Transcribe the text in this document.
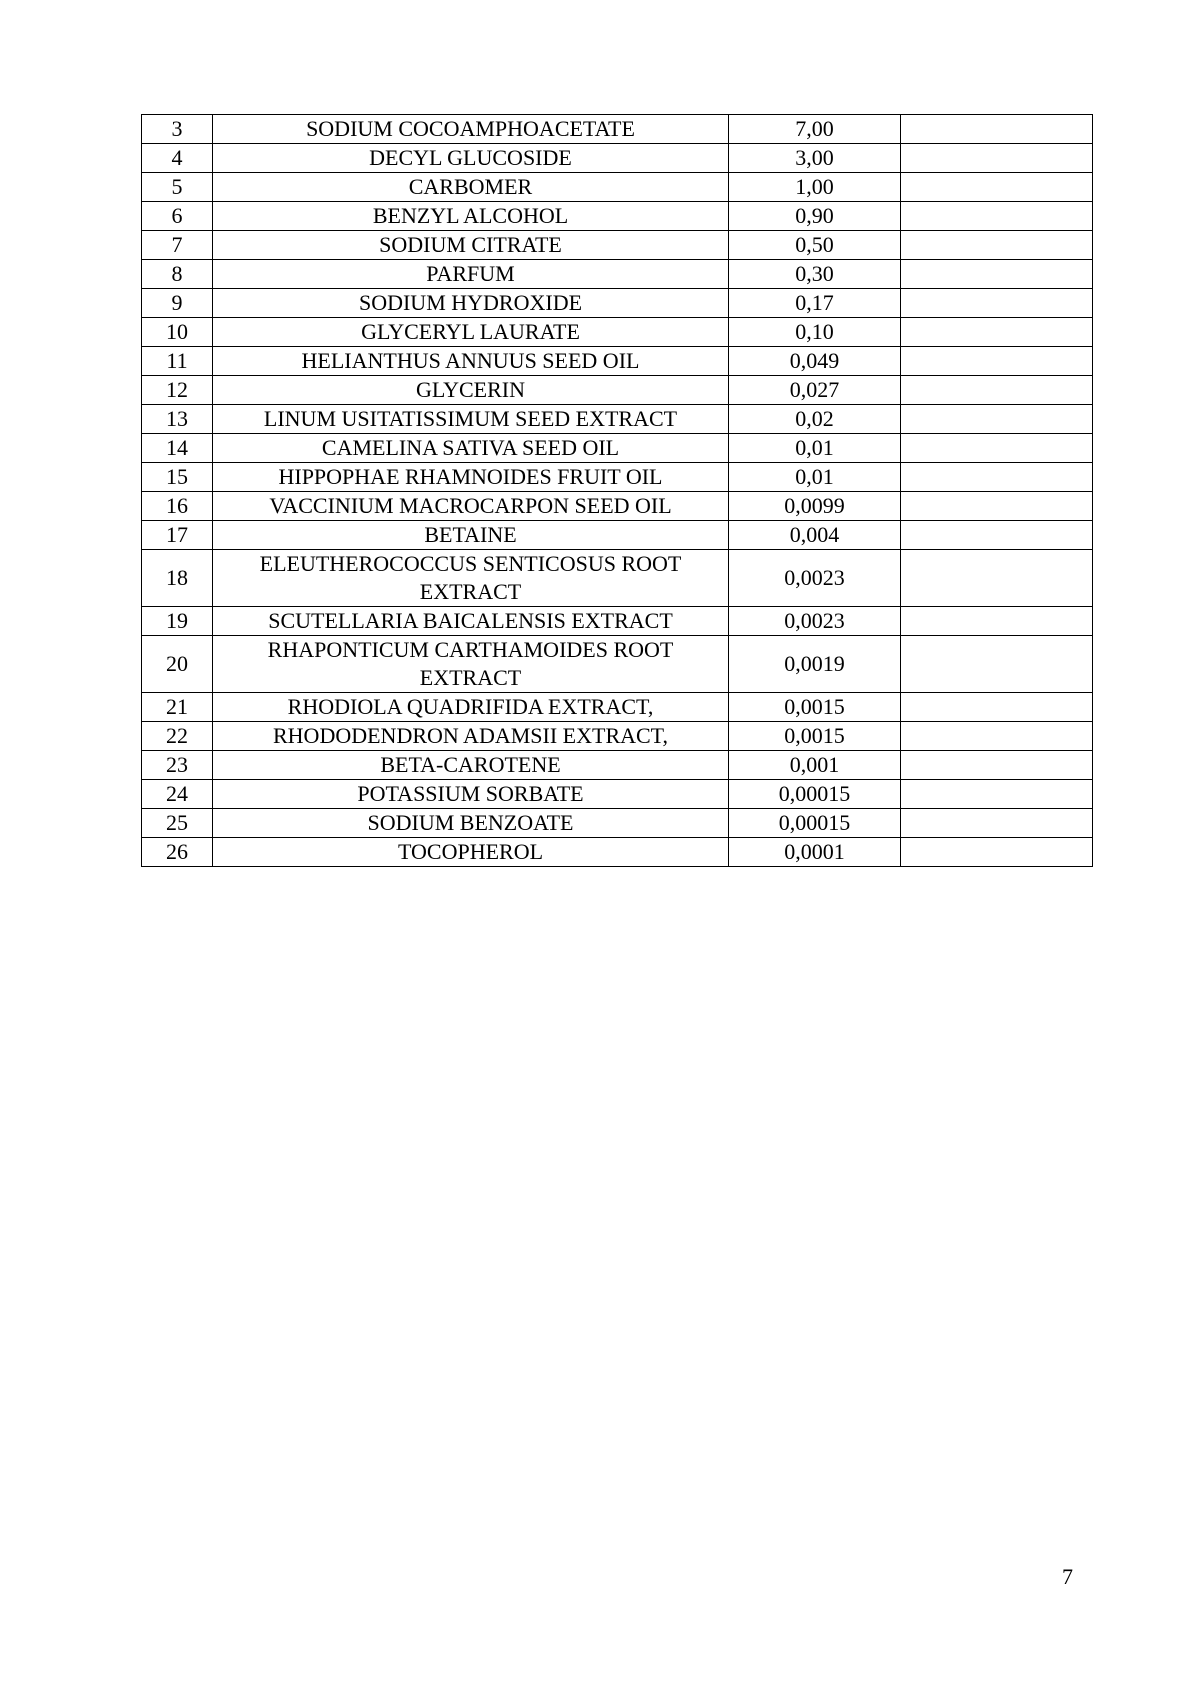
3	SODIUM COCOAMPHOACETATE	7,00	
4	DECYL GLUCOSIDE	3,00	
5	CARBOMER	1,00	
6	BENZYL ALCOHOL	0,90	
7	SODIUM CITRATE	0,50	
8	PARFUM	0,30	
9	SODIUM HYDROXIDE	0,17	
10	GLYCERYL LAURATE	0,10	
11	HELIANTHUS ANNUUS SEED OIL	0,049	
12	GLYCERIN	0,027	
13	LINUM USITATISSIMUM SEED EXTRACT	0,02	
14	CAMELINA SATIVA SEED OIL	0,01	
15	HIPPOPHAE RHAMNOIDES FRUIT OIL	0,01	
16	VACCINIUM MACROCARPON SEED OIL	0,0099	
17	BETAINE	0,004	
18	ELEUTHEROCOCCUS SENTICOSUS ROOT EXTRACT	0,0023	
19	SCUTELLARIA BAICALENSIS EXTRACT	0,0023	
20	RHAPONTICUM CARTHAMOIDES ROOT EXTRACT	0,0019	
21	RHODIOLA QUADRIFIDA EXTRACT,	0,0015	
22	RHODODENDRON ADAMSII EXTRACT,	0,0015	
23	BETA-CAROTENE	0,001	
24	POTASSIUM SORBATE	0,00015	
25	SODIUM BENZOATE	0,00015	
26	TOCOPHEROL	0,0001	
7
